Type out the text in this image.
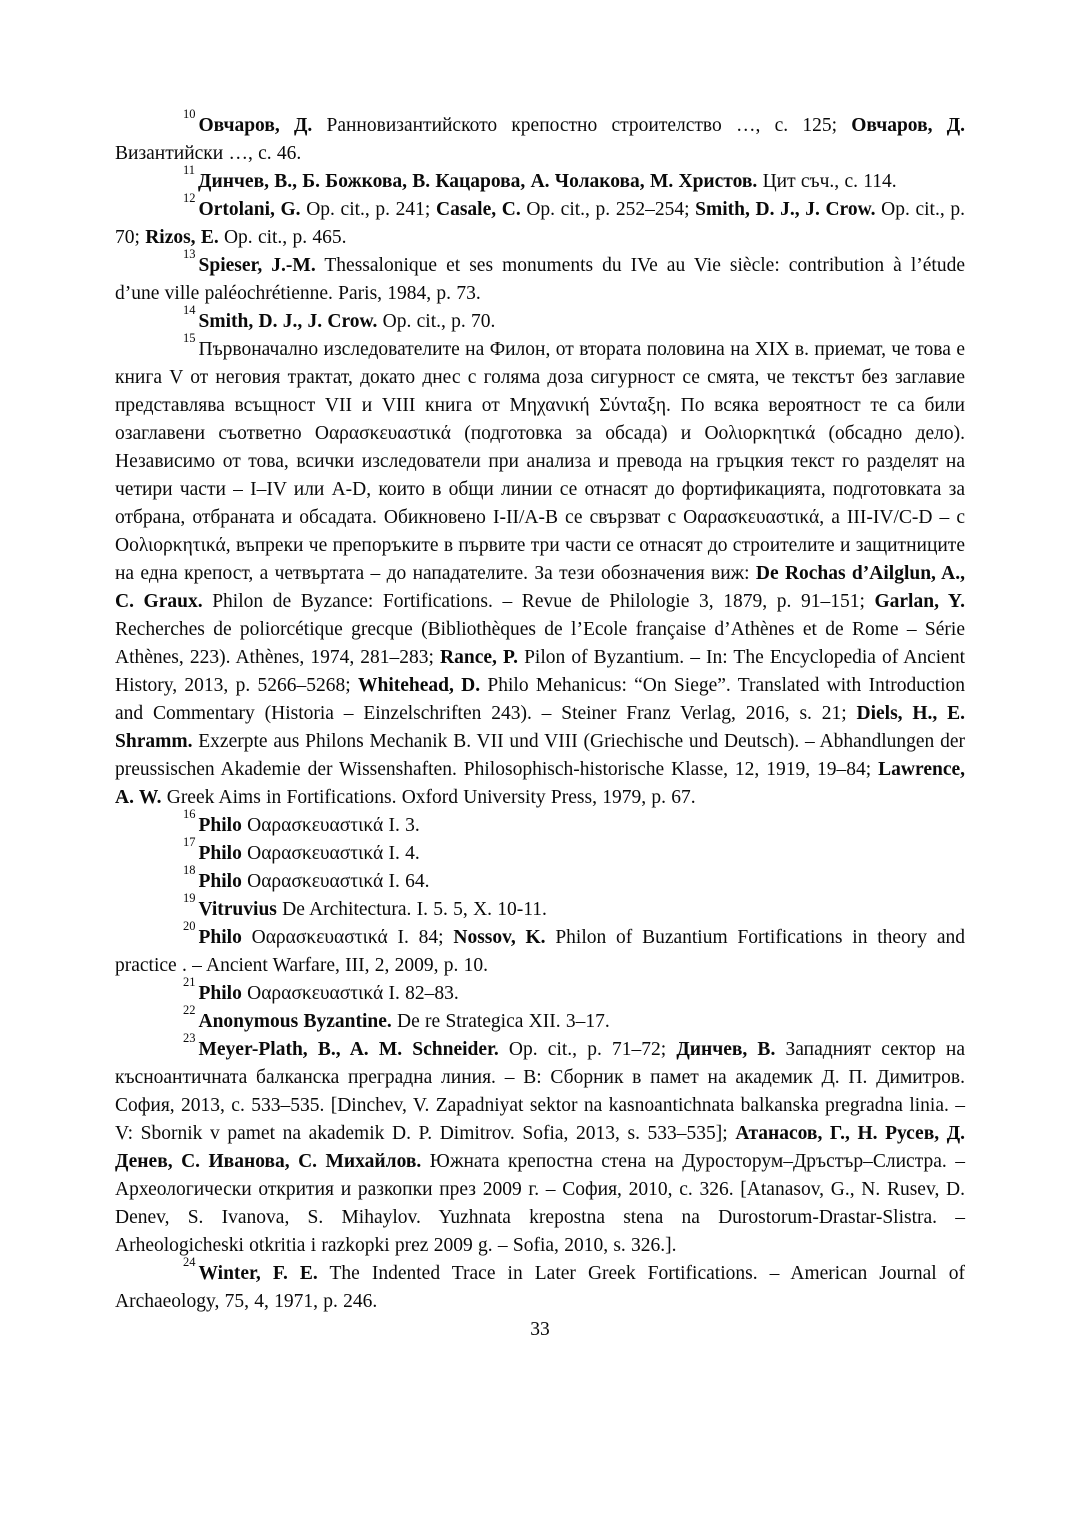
$^{10}$Овчаров, Д. Ранновизантийското крепостно строителство …, с. 125; Овчаров, Д. Византийски …, с. 46.

$^{11}$Динчев, В., Б. Божкова, В. Кацарова, А. Чолакова, М. Христов. Цит съч., с. 114.

$^{12}$Ortolani, G. Op. cit., p. 241; Casale, C. Op. cit., p. 252–254; Smith, D. J., J. Crow. Op. cit., p. 70; Rizos, E. Op. cit., p. 465.

$^{13}$Spieser, J.-M. Thessalonique et ses monuments du IVe au Vie siècle: contribution à l’étude d’une ville paléochrétienne. Paris, 1984, p. 73.

$^{14}$Smith, D. J., J. Crow. Op. cit., p. 70.

$^{15}$Първоначално изследователите на Филон, от втората половина на XIX в. приемат, че това е книга V от неговия трактат, докато днес с голяма доза сигурност се смята, че текстът без заглавие представлява всъщност VII и VIII книга от Μηχανική Σύνταξη. По всяка вероятност те са били озаглавени съответно Οαρασκευαστικά (подготовка за обсада) и Οολιορκητικά (обсадно дело). Независимо от това, всички изследователи при анализа и превода на гръцкия текст го разделят на четири части – I–IV или A-D, които в общи линии се отнасят до фортификацията, подготовката за отбрана, отбраната и обсадата. Обикновено I-II/A-B се свързват с Οαρασκευαστικά, а III-IV/C-D – с Οολιορκητικά, въпреки че препоръките в първите три части се отнасят до строителите и защитниците на една крепост, а четвъртата – до нападателите. За тези обозначения виж: De Rochas d’Ailglun, A., C. Graux. Philon de Byzance: Fortifications. – Revue de Philologie 3, 1879, p. 91–151; Garlan, Y. Recherches de poliorcétique grecque (Bibliothèques de l’Ecole française d’Athènes et de Rome – Série Athènes, 223). Athènes, 1974, 281–283; Rance, P. Pilon of Byzantium. – In: The Encyclopedia of Ancient History, 2013, p. 5266–5268; Whitehead, D. Philo Mehanicus: “On Siege”. Translated with Introduction and Commentary (Historia – Einzelschriften 243). – Steiner Franz Verlag, 2016, s. 21; Diels, H., E. Shramm. Exzerpte aus Philons Mechanik B. VII und VIII (Griechische und Deutsch). – Abhandlungen der preussischen Akademie der Wissenshaften. Philosophisch-historische Klasse, 12, 1919, 19–84; Lawrence, A. W. Greek Aims in Fortifications. Oxford University Press, 1979, p. 67.

$^{16}$Philo Οαρασκευαστικά I. 3.

$^{17}$Philo Οαρασκευαστικά I. 4.

$^{18}$Philo Οαρασκευαστικά I. 64.

$^{19}$Vitruvius De Architectura. I. 5. 5, X. 10-11.

$^{20}$Philo Οαρασκευαστικά I. 84; Nossov, K. Philon of Buzantium Fortifications in theory and practice . – Ancient Warfare, III, 2, 2009, p. 10.

$^{21}$Philo Οαρασκευαστικά I. 82–83.

$^{22}$Anonymous Byzantine. De re Strategica XII. 3–17.

$^{23}$Meyer-Plath, B., A. M. Schneider. Op. cit., p. 71–72; Динчев, В. Западният сектор на късноантичната балканска преградна линия. – В: Сборник в памет на академик Д. П. Димитров. София, 2013, с. 533–535. [Dinchev, V. Zapadniyat sektor na kasnoantichnata balkanska pregradna linia. – V: Sbornik v pamet na akademik D. P. Dimitrov. Sofia, 2013, s. 533–535]; Атанасов, Г., Н. Русев, Д. Денев, С. Иванова, С. Михайлов. Южната крепостна стена на Дуросторум–Дръстър–Слистра. – Археологически открития и разкопки през 2009 г. – София, 2010, с. 326. [Atanasov, G., N. Rusev, D. Denev, S. Ivanova, S. Mihaylov. Yuzhnata krepostna stena na Durostorum-Drastar-Slistra. – Arheologicheski otkritia i razkopki prez 2009 g. – Sofia, 2010, s. 326.].

$^{24}$Winter, F. E. The Indented Trace in Later Greek Fortifications. – American Journal of Archaeology, 75, 4, 1971, p. 246.

33
